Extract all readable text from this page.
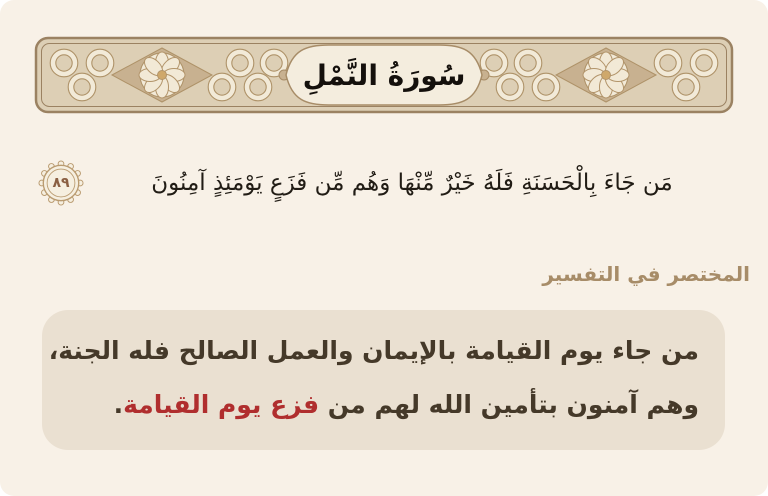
سُورَةُ النَّمْلِ
مَن جَاءَ بِالْحَسَنَةِ فَلَهُ خَيْرٌ مِّنْهَا وَهُم مِّن فَزَعٍ يَوْمَئِذٍ آمِنُونَ
٨٩
المختصر في التفسير
من جاء يوم القيامة بالإيمان والعمل الصالح فله الجنة،
وهم آمنون بتأمين الله لهم من فزع يوم القيامة.
